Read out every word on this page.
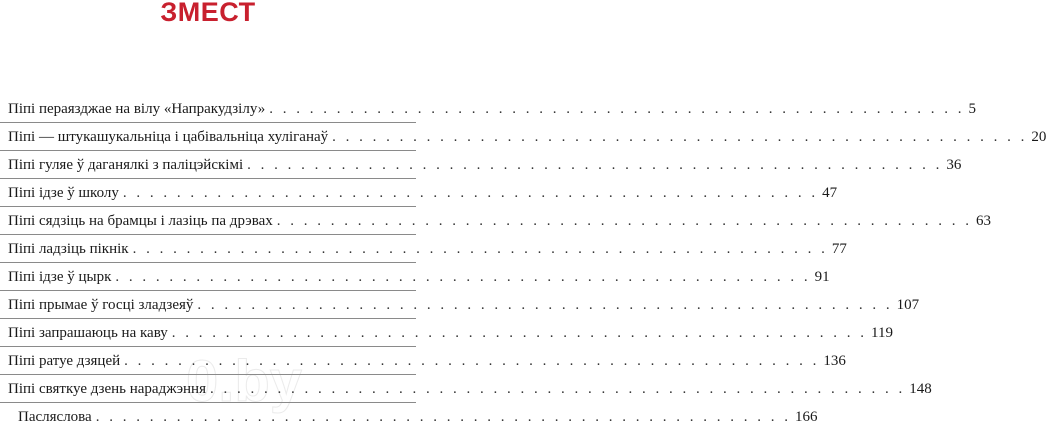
ЗМЕСТ
0.by
Пiпi пераязджае на вiлу «Напракудзiлу» . . .	5
Пiпi — штукашукальнiца i цабiвальнiца хулiганаў . . .	20
Пiпi гуляе ў даганялкi з палiцэйскiмi . . .	36
Пiпi iдзе ў школу . . .	47
Пiпi сядзiць на брамцы i лазiць па дрэвах . . .	63
Пiпi ладзiць пiкнiк . . .	77
Пiпi iдзе ў цырк . . .	91
Пiпi прымае ў госцi зладзеяў . . .	107
Пiпi запрашаюць на каву . . .	119
Пiпi ратуе дзяцей . . .	136
Пiпi святкуе дзень нараджэння . . .	148
Пасляслова . . .	166
